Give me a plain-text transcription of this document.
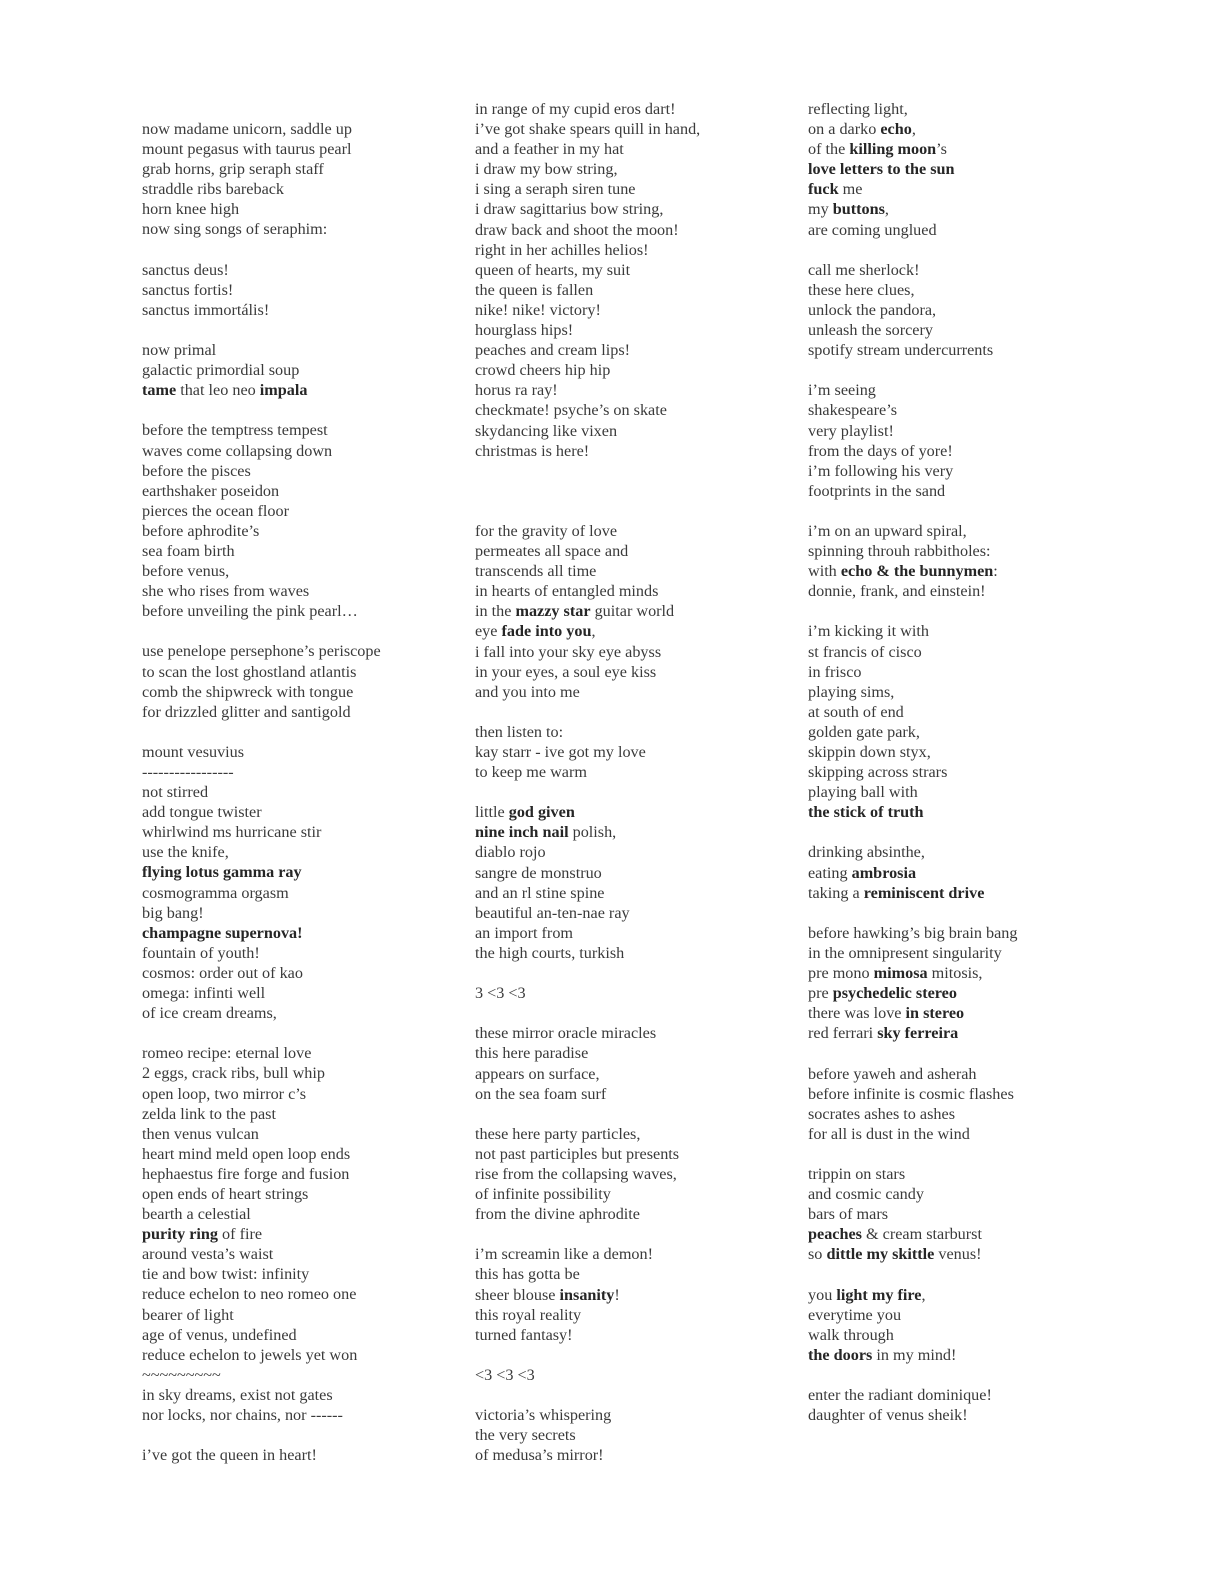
now madame unicorn, saddle up
mount pegasus with taurus pearl
grab horns, grip seraph staff
straddle ribs bareback
horn knee high
now sing songs of seraphim:
sanctus deus!
sanctus fortis!
sanctus immortális!
now primal
galactic primordial soup
tame that leo neo impala
before the temptress tempest
waves come collapsing down
before the pisces
earthshaker poseidon
pierces the ocean floor
before aphrodite’s
sea foam birth
before venus,
she who rises from waves
before unveiling the pink pearl…
use penelope persephone’s periscope
to scan the lost ghostland atlantis
comb the shipwreck with tongue
for drizzled glitter and santigold
mount vesuvius
-----------------
not stirred
add tongue twister
whirlwind ms hurricane stir
use the knife,
flying lotus gamma ray
cosmogramma orgasm
big bang!
champagne supernova!
fountain of youth!
cosmos: order out of kao
omega: infinti well
of ice cream dreams,
romeo recipe: eternal love
2 eggs, crack ribs, bull whip
open loop, two mirror c’s
zelda link to the past
then venus vulcan
heart mind meld open loop ends
hephaestus fire forge and fusion
open ends of heart strings
bearth a celestial
purity ring of fire
around vesta’s waist
tie and bow twist: infinity
reduce echelon to neo romeo one
bearer of light
age of venus, undefined
reduce echelon to jewels yet won
~~~~~~~~~
in sky dreams, exist not gates
nor locks, nor chains, nor ------
i’ve got the queen in heart!
in range of my cupid eros dart!
i’ve got shake spears quill in hand,
and a feather in my hat
i draw my bow string,
i sing a seraph siren tune
i draw sagittarius bow string,
draw back and shoot the moon!
right in her achilles helios!
queen of hearts, my suit
the queen is fallen
nike! nike! victory!
hourglass hips!
peaches and cream lips!
crowd cheers hip hip
horus ra ray!
checkmate! psyche’s on skate
skydancing like vixen
christmas is here!
for the gravity of love
permeates all space and
transcends all time
in hearts of entangled minds
in the mazzy star guitar world
eye fade into you,
i fall into your sky eye abyss
in your eyes, a soul eye kiss
and you into me
then listen to:
kay starr - ive got my love
to keep me warm
little god given
nine inch nail polish,
diablo rojo
sangre de monstruo
and an rl stine spine
beautiful an-ten-nae ray
an import from
the high courts, turkish
3 <3 <3
these mirror oracle miracles
this here paradise
appears on surface,
on the sea foam surf
these here party particles,
not past participles but presents
rise from the collapsing waves,
of infinite possibility
from the divine aphrodite
i’m screamin like a demon!
this has gotta be
sheer blouse insanity!
this royal reality
turned fantasy!
<3 <3 <3
victoria’s whispering
the very secrets
of medusa’s mirror!
reflecting light,
on a darko echo,
of the killing moon’s
love letters to the sun
fuck me
my buttons,
are coming unglued
call me sherlock!
these here clues,
unlock the pandora,
unleash the sorcery
spotify stream undercurrents
i’m seeing
shakespeare’s
very playlist!
from the days of yore!
i’m following his very
footprints in the sand
i’m on an upward spiral,
spinning throuh rabbitholes:
with echo & the bunnymen:
donnie, frank, and einstein!
i’m kicking it with
st francis of cisco
in frisco
playing sims,
at south of end
golden gate park,
skippin down styx,
skipping across strars
playing ball with
the stick of truth
drinking absinthe,
eating ambrosia
taking a reminiscent drive
before hawking’s big brain bang
in the omnipresent singularity
pre mono mimosa mitosis,
pre psychedelic stereo
there was love in stereo
red ferrari sky ferreira
before yaweh and asherah
before infinite is cosmic flashes
socrates ashes to ashes
for all is dust in the wind
trippin on stars
and cosmic candy
bars of mars
peaches & cream starburst
so dittle my skittle venus!
you light my fire,
everytime you
walk through
the doors in my mind!
enter the radiant dominique!
daughter of venus sheik!
